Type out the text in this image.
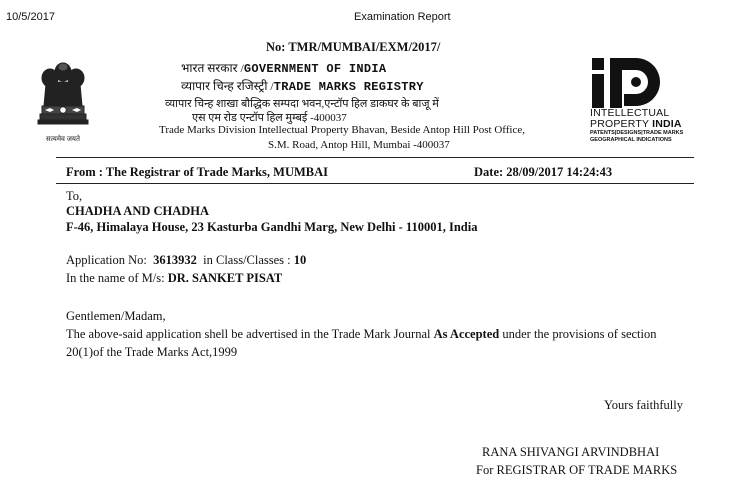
10/5/2017	Examination Report
No: TMR/MUMBAI/EXM/2017/
भारत सरकार /GOVERNMENT OF INDIA
व्यापार चिन्ह रजिस्ट्री /TRADE MARKS REGISTRY
व्यापार चिन्ह शाखा बौद्धिक सम्पदा भवन,एन्टॉप हिल डाकघर के बाजू में
एस एम रोड एन्टॉप हिल मुम्बई -400037
Trade Marks Division Intellectual Property Bhavan, Beside Antop Hill Post Office,
S.M. Road, Antop Hill, Mumbai -400037
सत्यमेव जयते
INTELLECTUAL
PROPERTY INDIA
PATENTS|DESIGNS|TRADE MARKS
GEOGRAPHICAL INDICATIONS
From : The Registrar of Trade Marks, MUMBAI	Date: 28/09/2017 14:24:43
To,
CHADHA AND CHADHA
F-46, Himalaya House, 23 Kasturba Gandhi Marg, New Delhi - 110001, India
Application No: 3613932 in Class/Classes : 10
In the name of M/s: DR. SANKET PISAT
Gentlemen/Madam,
The above-said application shell be advertised in the Trade Mark Journal As Accepted under the provisions of section
20(1)of the Trade Marks Act,1999
Yours faithfully
RANA SHIVANGI ARVINDBHAI
For REGISTRAR OF TRADE MARKS
